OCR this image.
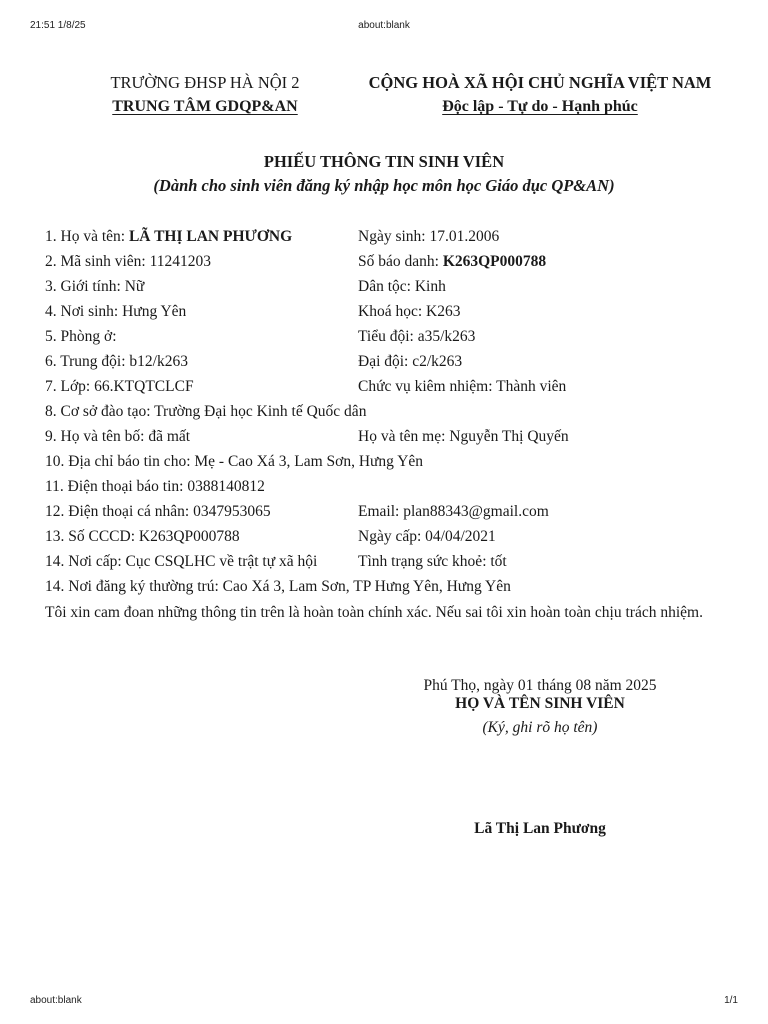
21:51 1/8/25	about:blank
TRƯỜNG ĐHSP HÀ NỘI 2
TRUNG TÂM GDQP&AN
CỘNG HOÀ XÃ HỘI CHỦ NGHĨA VIỆT NAM
Độc lập - Tự do - Hạnh phúc
PHIẾU THÔNG TIN SINH VIÊN
(Dành cho sinh viên đăng ký nhập học môn học Giáo dục QP&AN)
1. Họ và tên: LÃ THỊ LAN PHƯƠNG	Ngày sinh: 17.01.2006
2. Mã sinh viên: 11241203	Số báo danh: K263QP000788
3. Giới tính: Nữ	Dân tộc: Kinh
4. Nơi sinh: Hưng Yên	Khoá học: K263
5. Phòng ở:	Tiểu đội: a35/k263
6. Trung đội: b12/k263	Đại đội: c2/k263
7. Lớp: 66.KTQTCLCF	Chức vụ kiêm nhiệm: Thành viên
8. Cơ sở đào tạo: Trường Đại học Kinh tế Quốc dân
9. Họ và tên bố: đã mất	Họ và tên mẹ: Nguyễn Thị Quyến
10. Địa chỉ báo tin cho: Mẹ - Cao Xá 3, Lam Sơn, Hưng Yên
11. Điện thoại báo tin: 0388140812
12. Điện thoại cá nhân: 0347953065	Email: plan88343@gmail.com
13. Số CCCD: K263QP000788	Ngày cấp: 04/04/2021
14. Nơi cấp: Cục CSQLHC về trật tự xã hội	Tình trạng sức khoẻ: tốt
14. Nơi đăng ký thường trú: Cao Xá 3, Lam Sơn, TP Hưng Yên, Hưng Yên
Tôi xin cam đoan những thông tin trên là hoàn toàn chính xác. Nếu sai tôi xin hoàn toàn chịu trách nhiệm.
Phú Thọ, ngày 01 tháng 08 năm 2025
HỌ VÀ TÊN SINH VIÊN
(Ký, ghi rõ họ tên)
Lã Thị Lan Phương
about:blank	1/1
